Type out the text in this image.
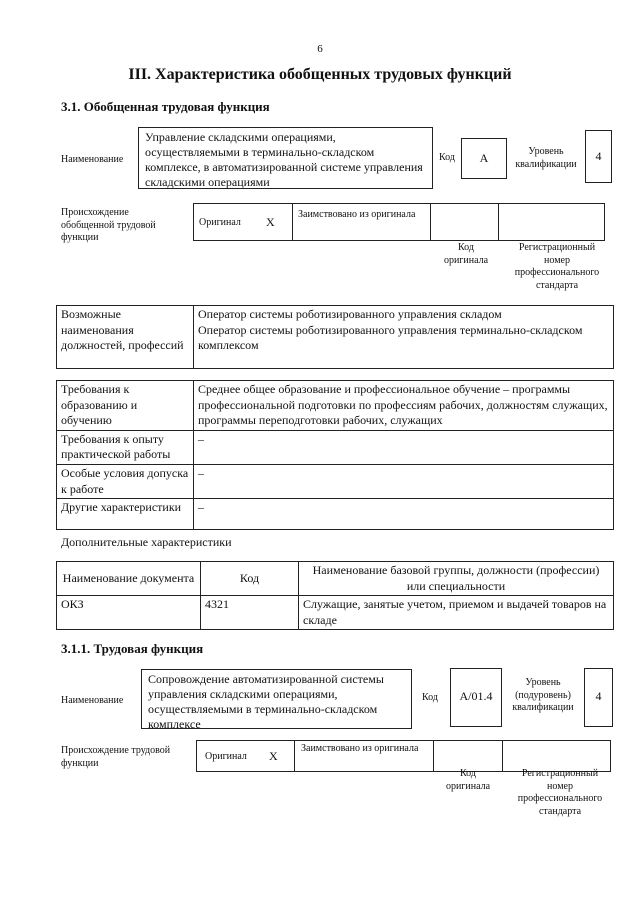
6
III. Характеристика обобщенных трудовых функций
3.1. Обобщенная трудовая функция
Наименование
Управление складскими операциями, осуществляемыми в терминально-складском комплексе, в автоматизированной системе управления складскими операциями
Код	A	Уровень квалификации
4
Происхождение обобщенной трудовой функции
Оригинал X
Заимствовано из оригинала
Код оригинала
Регистрационный номер профессионального стандарта
Возможные наименования должностей, профессий	Оператор системы роботизированного управления складом
Оператор системы роботизированного управления терминально-складском комплексом
Требования к образованию и обучению	Среднее общее образование и профессиональное обучение – программы профессиональной подготовки по профессиям рабочих, должностям служащих, программы переподготовки рабочих, служащих
Требования к опыту практической работы	–
Особые условия допуска к работе	–
Другие характеристики	–
Дополнительные характеристики
Наименование документа	Код	Наименование базовой группы, должности (профессии) или специальности
ОКЗ	4321	Служащие, занятые учетом, приемом и выдачей товаров на складе
3.1.1. Трудовая функция
Наименование
Сопровождение автоматизированной системы управления складскими операциями, осуществляемыми в терминально-складском комплексе
Код	A/01.4
Уровень (подуровень) квалификации
4
Происхождение трудовой функции
Оригинал X
Заимствовано из оригинала
Код оригинала
Регистрационный номер профессионального стандарта
